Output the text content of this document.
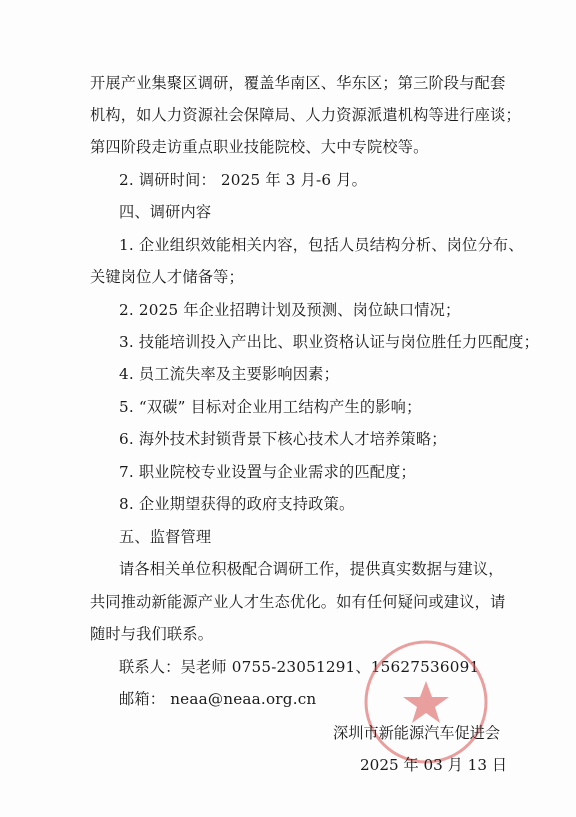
开展产业集聚区调研，覆盖华南区、华东区；第三阶段与配套
机构，如人力资源社会保障局、人力资源派遣机构等进行座谈；
第四阶段走访重点职业技能院校、大中专院校等。
2. 调研时间： 2025 年 3 月-6 月。
四、调研内容
1. 企业组织效能相关内容，包括人员结构分析、岗位分布、
关键岗位人才储备等；
2. 2025 年企业招聘计划及预测、岗位缺口情况；
3. 技能培训投入产出比、职业资格认证与岗位胜任力匹配度；
4. 员工流失率及主要影响因素；
5. “双碳” 目标对企业用工结构产生的影响；
6. 海外技术封锁背景下核心技术人才培养策略；
7. 职业院校专业设置与企业需求的匹配度；
8. 企业期望获得的政府支持政策。
五、监督管理
请各相关单位积极配合调研工作，提供真实数据与建议，
共同推动新能源产业人才生态优化。如有任何疑问或建议，请
随时与我们联系。
联系人：吴老师 0755-23051291、15627536091
邮箱： neaa@neaa.org.cn
深圳市新能源汽车促进会
2025 年 03 月 13 日
